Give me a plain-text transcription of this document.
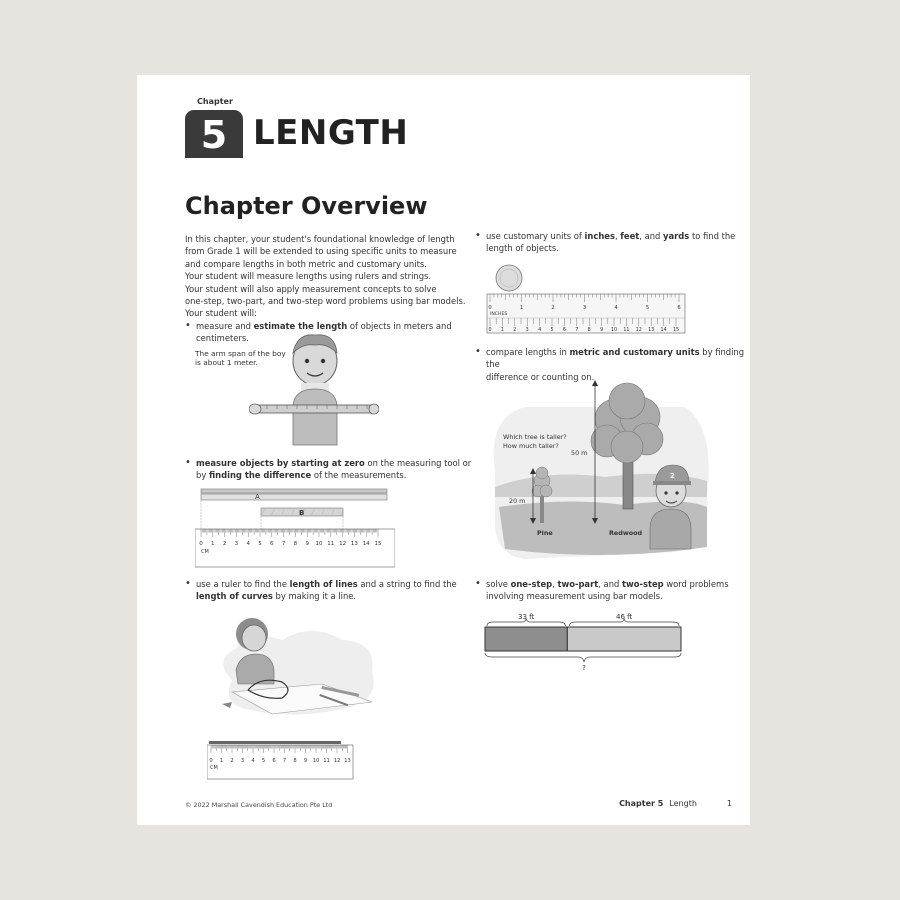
Chapter
5 LENGTH
Chapter Overview
In this chapter, your student's foundational knowledge of length
from Grade 1 will be extended to using specific units to measure
and compare lengths in both metric and customary units.
Your student will measure lengths using rulers and strings.
Your student will also apply measurement concepts to solve
one-step, two-part, and two-step word problems using bar models.
Your student will:
• measure and estimate the length of objects in meters and
centimeters.
The arm span of the boy
is about 1 meter.
• measure objects by starting at zero on the measuring tool or
by finding the difference of the measurements.
A
B
0 1 2 3 4 5 6 7 8 9 10 11 12 13 14 15
CM
• use a ruler to find the length of lines and a string to find the
length of curves by making it a line.
0 1 2 3 4 5 6 7 8 9 10 11 12 13
CM
• use customary units of inches, feet, and yards to find the
length of objects.
0	1	2	3	4	5	6
INCHES
0 1 2 3 4 5 6 7 8 9 10 11 12 13 14 15
• compare lengths in metric and customary units by finding the
difference or counting on.
Which tree is taller?
How much taller?
50 m
20 m
Pine	Redwood
2
• solve one-step, two-part, and two-step word problems
involving measurement using bar models.
33 ft	46 ft
?
© 2022 Marshall Cavendish Education Pte Ltd	Chapter 5 Length	1
